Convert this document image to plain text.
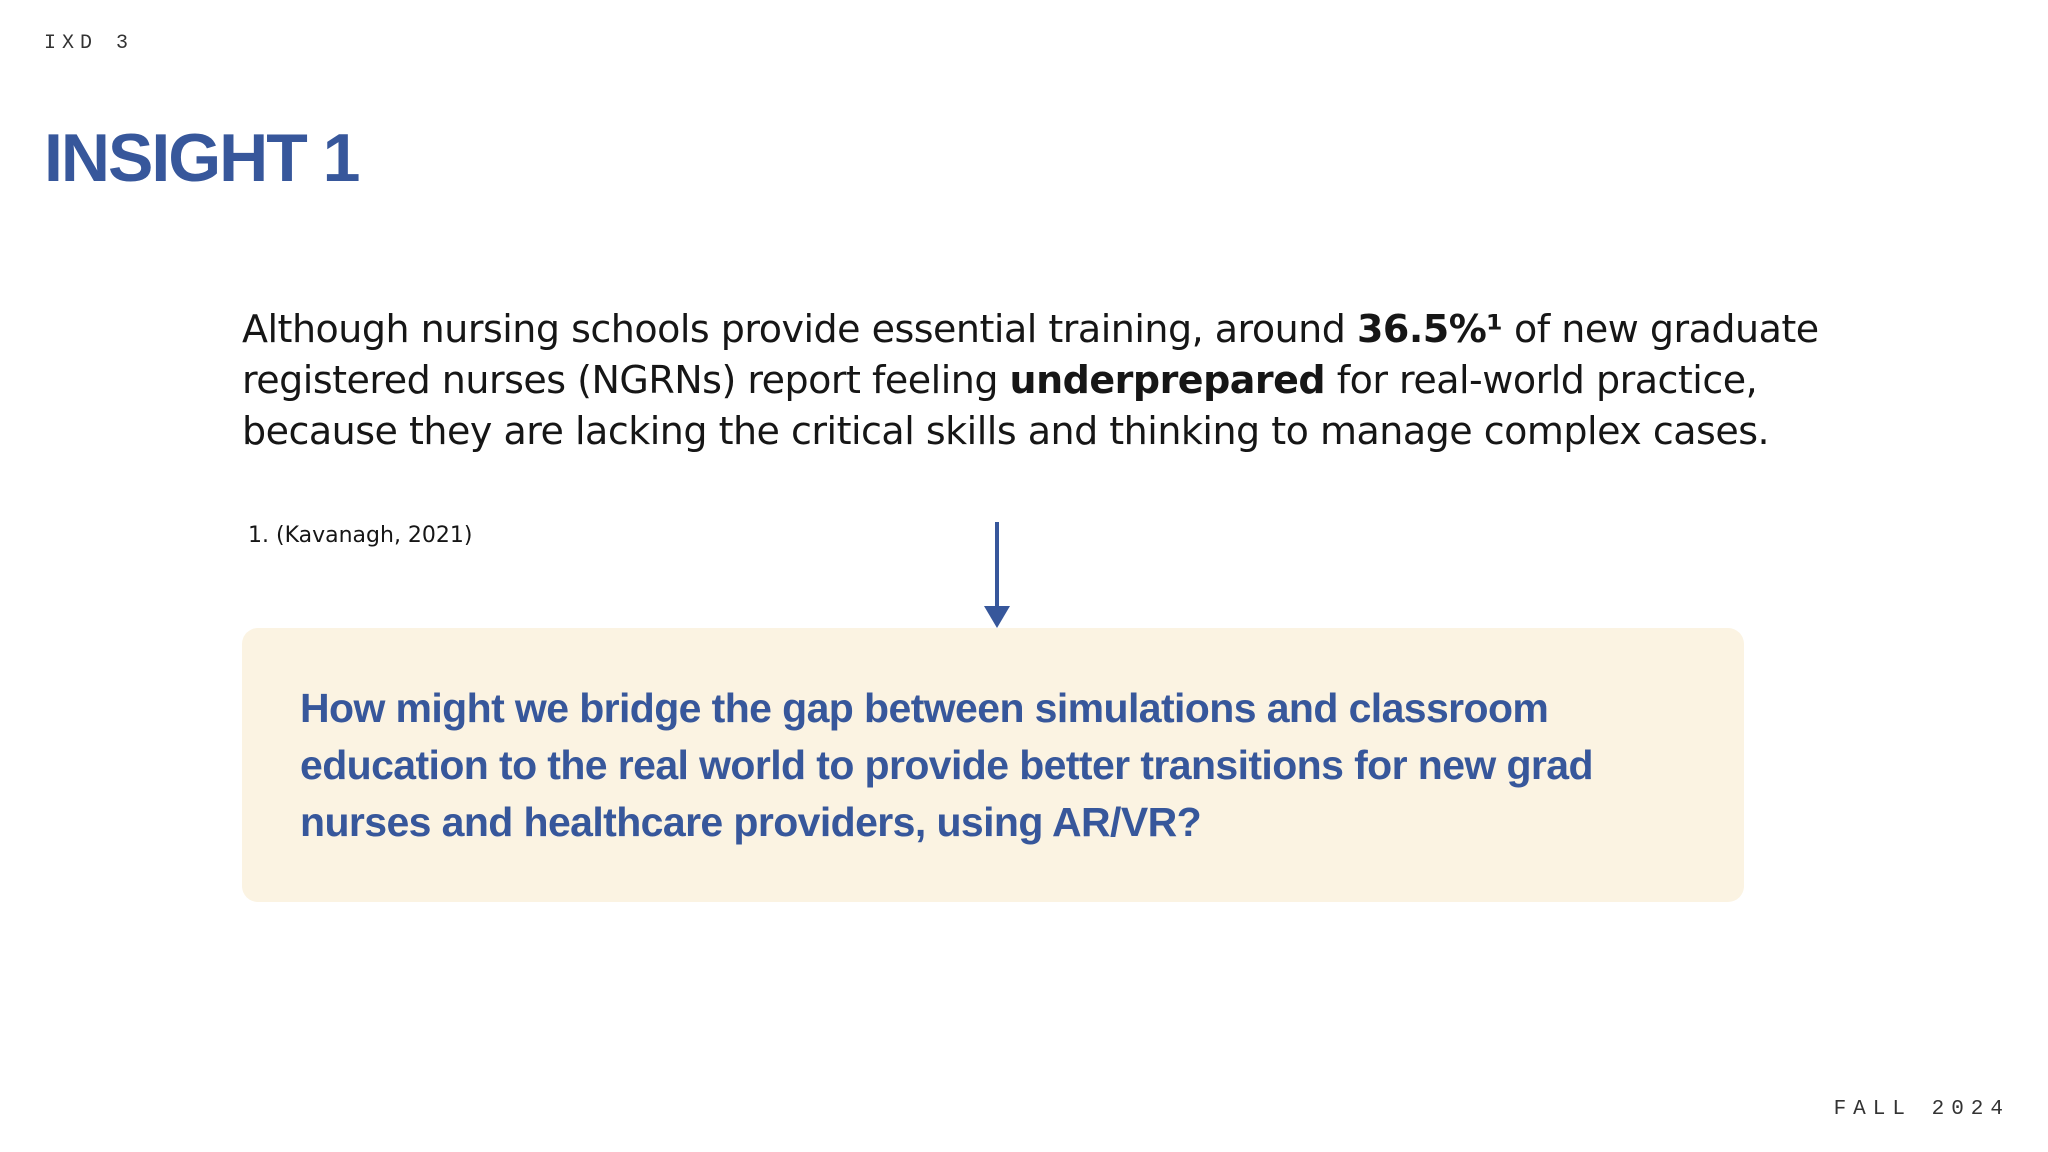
IXD 3
INSIGHT 1

Although nursing schools provide essential training, around 36.5%¹ of new graduate registered nurses (NGRNs) report feeling underprepared for real-world practice, because they are lacking the critical skills and thinking to manage complex cases.

1. (Kavanagh, 2021)

How might we bridge the gap between simulations and classroom education to the real world to provide better transitions for new grad nurses and healthcare providers, using AR/VR?

FALL 2024
